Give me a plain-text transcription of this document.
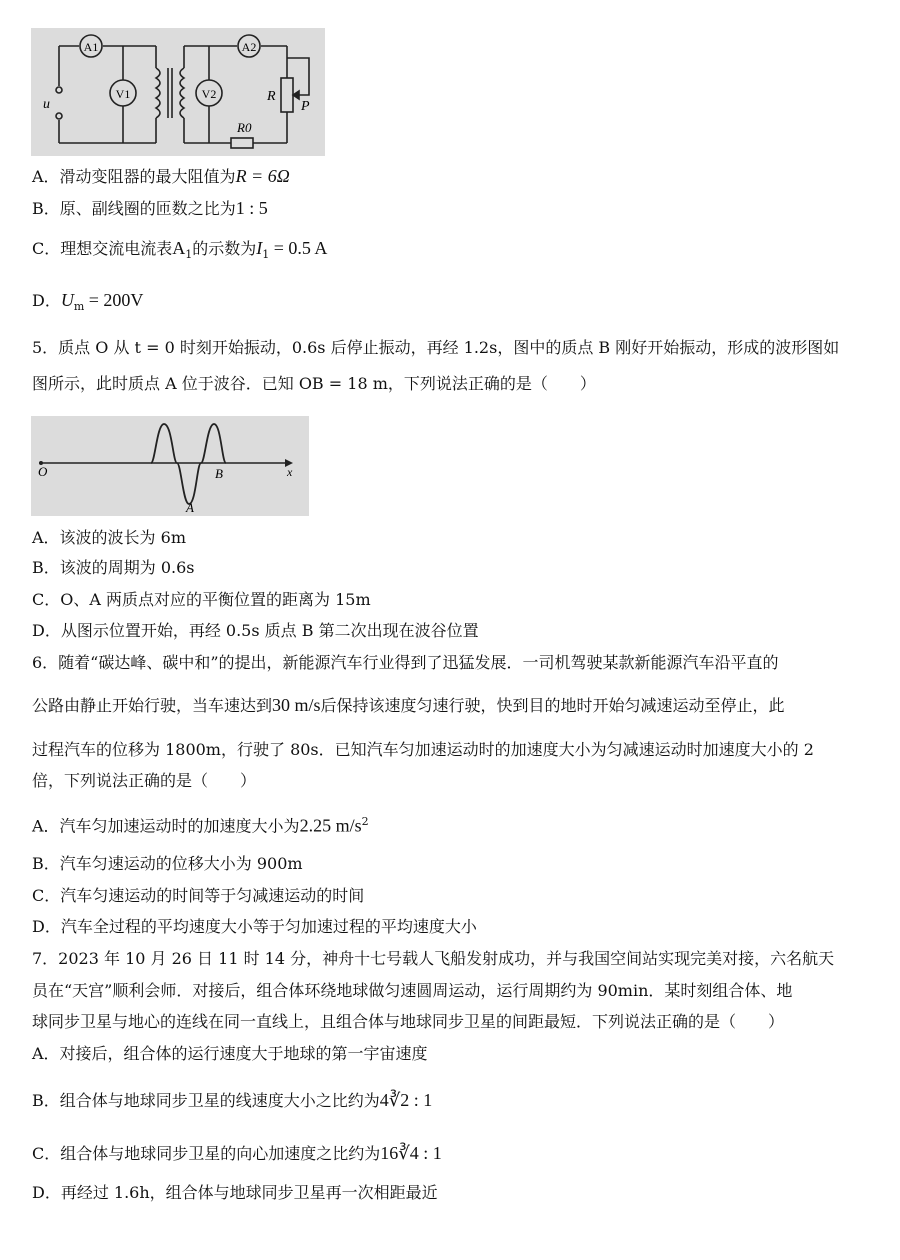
A1
V1	V2
A2
u
R
P
R0
A．滑动变阻器的最大阻值为R = 6Ω
B．原、副线圈的匝数之比为1 : 5
C．理想交流电流表$A_1$的示数为$I_1 = 0.5$ A
D．$U_m = 200V$
5．质点 O 从 t = 0 时刻开始振动，0.6s 后停止振动，再经 1.2s，图中的质点 B 刚好开始振动，形成的波形图如
图所示，此时质点 A 位于波谷．已知 OB = 18 m，下列说法正确的是（　　）
O
A
B	x
A．该波的波长为 6m
B．该波的周期为 0.6s
C．O、A 两质点对应的平衡位置的距离为 15m
D．从图示位置开始，再经 0.5s 质点 B 第二次出现在波谷位置
6．随着“碳达峰、碳中和”的提出，新能源汽车行业得到了迅猛发展．一司机驾驶某款新能源汽车沿平直的
公路由静止开始行驶，当车速达到30 m/s后保持该速度匀速行驶，快到目的地时开始匀减速运动至停止，此
过程汽车的位移为 1800m，行驶了 80s．已知汽车匀加速运动时的加速度大小为匀减速运动时加速度大小的 2
倍，下列说法正确的是（　　）
A．汽车匀加速运动时的加速度大小为2.25 $m/s^2$
B．汽车匀速运动的位移大小为 900m
C．汽车匀速运动的时间等于匀减速运动的时间
D．汽车全过程的平均速度大小等于匀加速过程的平均速度大小
7．2023 年 10 月 26 日 11 时 14 分，神舟十七号载人飞船发射成功，并与我国空间站实现完美对接，六名航天
员在“天宫”顺利会师．对接后，组合体环绕地球做匀速圆周运动，运行周期约为 90min．某时刻组合体、地
球同步卫星与地心的连线在同一直线上，且组合体与地球同步卫星的间距最短．下列说法正确的是（　　）
A．对接后，组合体的运行速度大于地球的第一宇宙速度
B．组合体与地球同步卫星的线速度大小之比约为4∛2 : 1
C．组合体与地球同步卫星的向心加速度之比约为16∛4 : 1
D．再经过 1.6h，组合体与地球同步卫星再一次相距最近
